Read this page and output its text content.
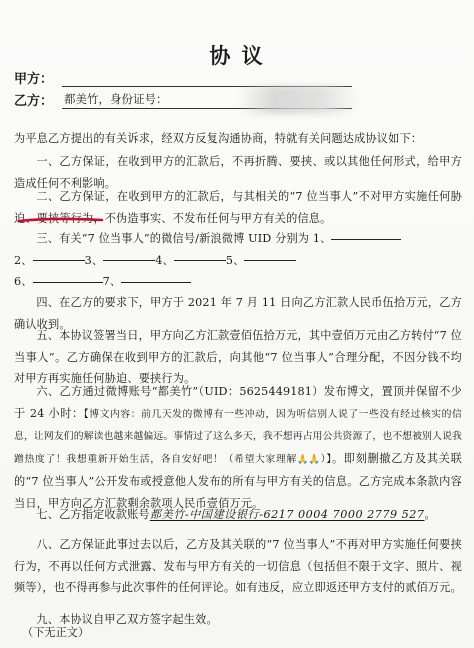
协 议
甲方：
乙方： 都美竹，身份证号：

为平息乙方提出的有关诉求，经双方反复沟通协商，特就有关问题达成协议如下：

一、乙方保证，在收到甲方的汇款后，不再折腾、要挟、或以其他任何形式，给甲方造成任何不利影响。

二、乙方保证，在收到甲方的汇款后，与其相关的“7 位当事人”不对甲方实施任何胁迫、要挟等行为，不伪造事实、不发布任何与甲方有关的信息。

三、有关“7 位当事人”的微信号/新浪微博 UID 分别为 1、
2、	3、	4、	5、
6、	7、

四、在乙方的要求下，甲方于 2021 年 7 月 11 日向乙方汇款人民币伍拾万元，乙方确认收到。

五、本协议签署当日，甲方向乙方汇款壹佰伍拾万元，其中壹佰万元由乙方转付“7 位当事人”。乙方确保在收到甲方的汇款后，向其他“7 位当事人”合理分配，不因分钱不均对甲方再实施任何胁迫、要挟行为。

六、乙方通过微博账号“都美竹”（UID：5625449181）发布博文，置顶并保留不少于 24 小时：【博文内容：前几天发的微博有一些冲动，因为听信别人说了一些没有经过核实的信息，让网友们的解读也越来越偏远。事情过了这么多天，我不想再占用公共资源了，也不想被别人说我蹭热度了！我想重新开始生活，各自安好吧！（希望大家理解🙏🙏）】。即刻删撤乙方及其关联的“7 位当事人”公开发布或授意他人发布的所有与甲方有关的信息。乙方完成本条款内容当日，甲方向乙方汇款剩余款项人民币壹佰万元。

七、乙方指定收款账号都美竹-中国建设银行-6217 0004 7000 2779 527。

八、乙方保证此事过去以后，乙方及其关联的“7 位当事人”不再对甲方实施任何要挟行为，不再以任何方式泄露、发布与甲方有关的一切信息（包括但不限于文字、照片、视频等），也不得再参与此次事件的任何评论。如有违反，应立即返还甲方支付的贰佰万元。

九、本协议自甲乙双方签字起生效。

（下无正文）
